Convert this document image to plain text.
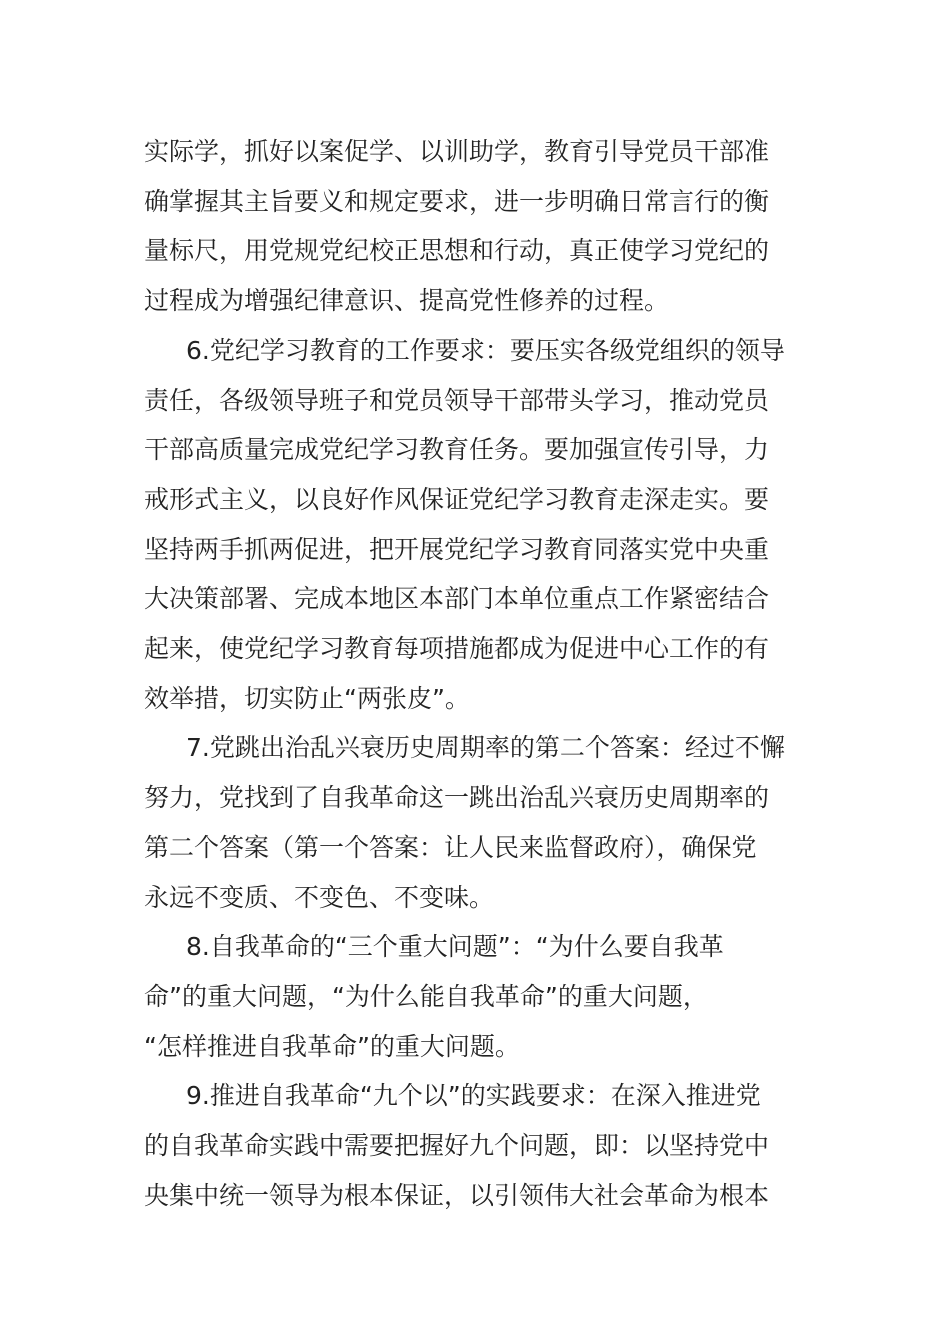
实际学，抓好以案促学、以训助学，教育引导党员干部准
确掌握其主旨要义和规定要求，进一步明确日常言行的衡
量标尺，用党规党纪校正思想和行动，真正使学习党纪的
过程成为增强纪律意识、提高党性修养的过程。

6.党纪学习教育的工作要求：要压实各级党组织的领导
责任，各级领导班子和党员领导干部带头学习，推动党员
干部高质量完成党纪学习教育任务。要加强宣传引导，力
戒形式主义，以良好作风保证党纪学习教育走深走实。要
坚持两手抓两促进，把开展党纪学习教育同落实党中央重
大决策部署、完成本地区本部门本单位重点工作紧密结合
起来，使党纪学习教育每项措施都成为促进中心工作的有
效举措，切实防止“两张皮”。

7.党跳出治乱兴衰历史周期率的第二个答案：经过不懈
努力，党找到了自我革命这一跳出治乱兴衰历史周期率的
第二个答案（第一个答案：让人民来监督政府），确保党
永远不变质、不变色、不变味。

8.自我革命的“三个重大问题”：“为什么要自我革
命”的重大问题，“为什么能自我革命”的重大问题，
“怎样推进自我革命”的重大问题。

9.推进自我革命“九个以”的实践要求：在深入推进党
的自我革命实践中需要把握好九个问题，即：以坚持党中
央集中统一领导为根本保证，以引领伟大社会革命为根本
